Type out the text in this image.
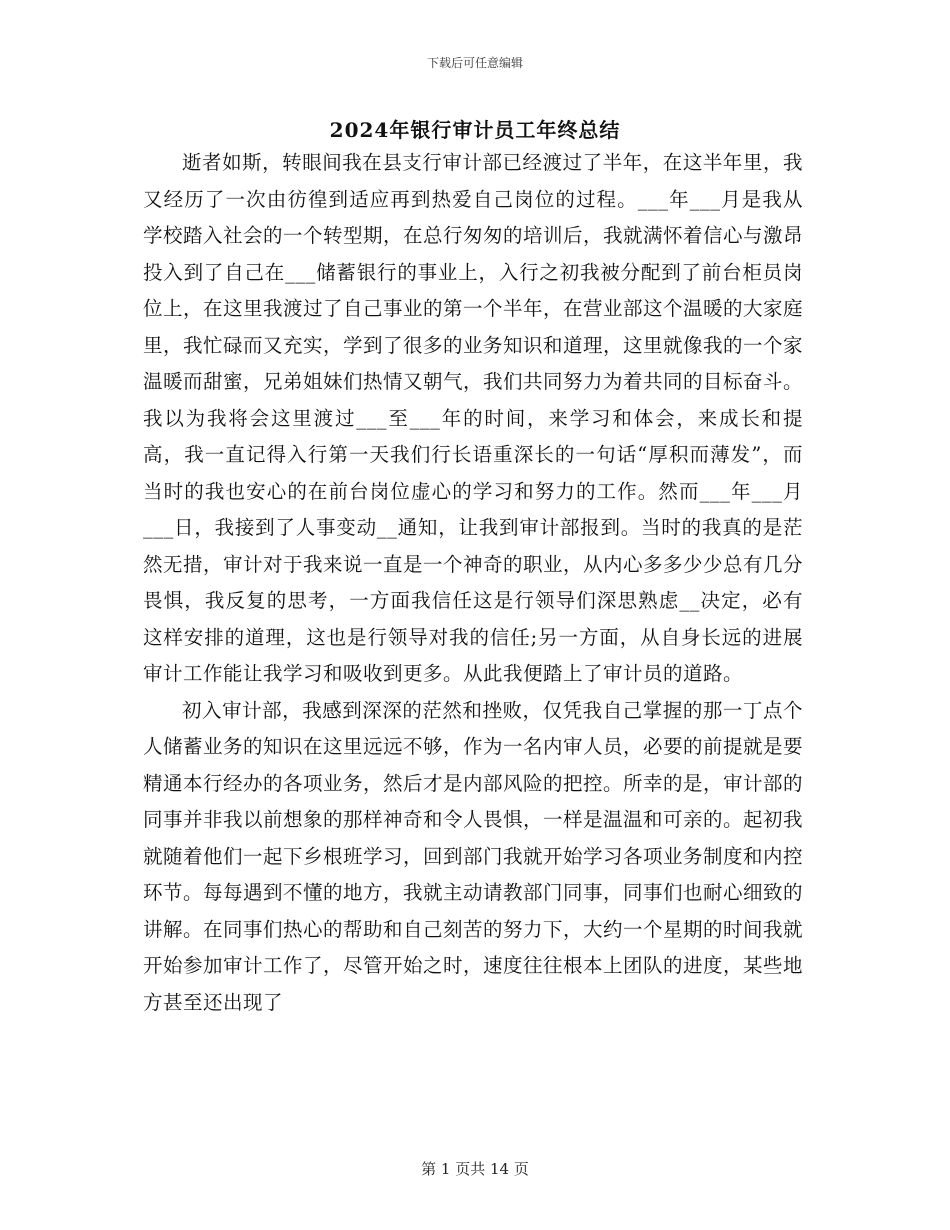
下载后可任意编辑
2024年银行审计员工年终总结

逝者如斯，转眼间我在县支行审计部已经渡过了半年，在这半年里，我又经历了一次由彷徨到适应再到热爱自己岗位的过程。___年___月是我从学校踏入社会的一个转型期，在总行匆匆的培训后，我就满怀着信心与激昂投入到了自己在___储蓄银行的事业上，入行之初我被分配到了前台柜员岗位上，在这里我渡过了自己事业的第一个半年，在营业部这个温暖的大家庭里，我忙碌而又充实，学到了很多的业务知识和道理，这里就像我的一个家温暖而甜蜜，兄弟姐妹们热情又朝气，我们共同努力为着共同的目标奋斗。我以为我将会这里渡过___至___年的时间，来学习和体会，来成长和提高，我一直记得入行第一天我们行长语重深长的一句话“厚积而薄发”，而当时的我也安心的在前台岗位虚心的学习和努力的工作。然而___年___月___日，我接到了人事变动__通知，让我到审计部报到。当时的我真的是茫然无措，审计对于我来说一直是一个神奇的职业，从内心多多少少总有几分畏惧，我反复的思考，一方面我信任这是行领导们深思熟虑__决定，必有这样安排的道理，这也是行领导对我的信任;另一方面，从自身长远的进展审计工作能让我学习和吸收到更多。从此我便踏上了审计员的道路。

初入审计部，我感到深深的茫然和挫败，仅凭我自己掌握的那一丁点个人储蓄业务的知识在这里远远不够，作为一名内审人员，必要的前提就是要精通本行经办的各项业务，然后才是内部风险的把控。所幸的是，审计部的同事并非我以前想象的那样神奇和令人畏惧，一样是温温和可亲的。起初我就随着他们一起下乡根班学习，回到部门我就开始学习各项业务制度和内控环节。每每遇到不懂的地方，我就主动请教部门同事，同事们也耐心细致的讲解。在同事们热心的帮助和自己刻苦的努力下，大约一个星期的时间我就开始参加审计工作了，尽管开始之时，速度往往根本上团队的进度，某些地方甚至还出现了

第 1 页共 14 页
